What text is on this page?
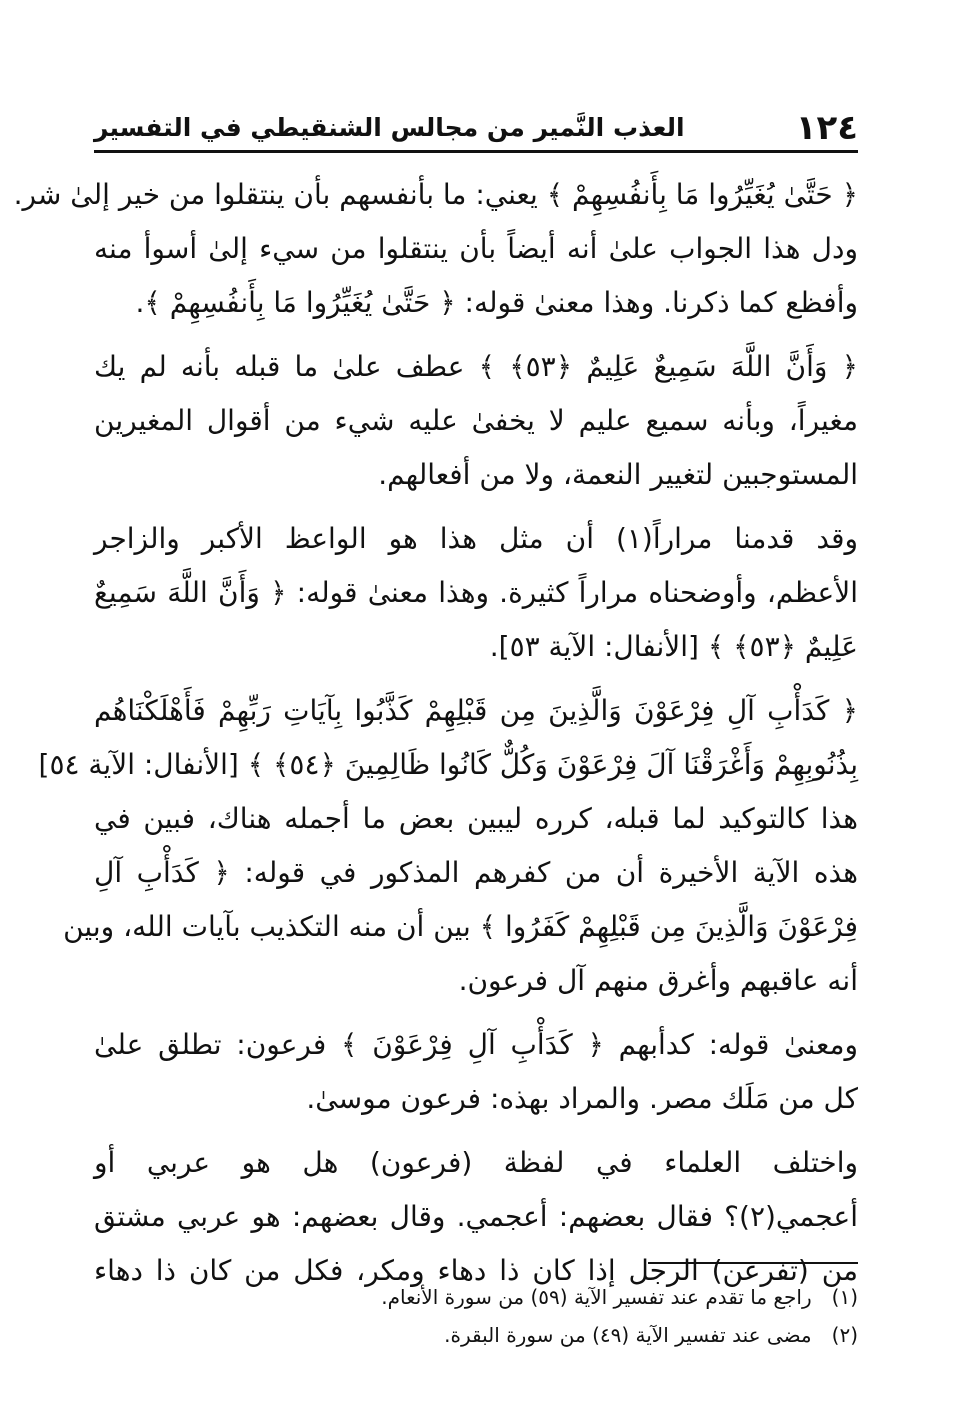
١٢٤
العذب النَّمير من مجالس الشنقيطي في التفسير
﴿ حَتَّىٰ يُغَيِّرُوا مَا بِأَنفُسِهِمْ ﴾ يعني: ما بأنفسهم بأن ينتقلوا من خير إلىٰ شر.
ودل هذا الجواب علىٰ أنه أيضاً بأن ينتقلوا من سيء إلىٰ أسوأ منه
وأفظع كما ذكرنا. وهذا معنىٰ قوله: ﴿ حَتَّىٰ يُغَيِّرُوا مَا بِأَنفُسِهِمْ ﴾.
﴿ وَأَنَّ اللَّهَ سَمِيعٌ عَلِيمٌ ﴿٥٣﴾ ﴾ عطف علىٰ ما قبله بأنه لم يك
مغيراً، وبأنه سميع عليم لا يخفىٰ عليه شيء من أقوال المغيرين
المستوجبين لتغيير النعمة، ولا من أفعالهم.
وقد قدمنا مراراً(١) أن مثل هذا هو الواعظ الأكبر والزاجر
الأعظم، وأوضحناه مراراً كثيرة. وهذا معنىٰ قوله: ﴿ وَأَنَّ اللَّهَ سَمِيعٌ
عَلِيمٌ ﴿٥٣﴾ ﴾ [الأنفال: الآية ٥٣].
﴿ كَدَأْبِ آلِ فِرْعَوْنَ وَالَّذِينَ مِن قَبْلِهِمْ كَذَّبُوا بِآيَاتِ رَبِّهِمْ فَأَهْلَكْنَاهُم
بِذُنُوبِهِمْ وَأَغْرَقْنَا آلَ فِرْعَوْنَ وَكُلٌّ كَانُوا ظَالِمِينَ ﴿٥٤﴾ ﴾ [الأنفال: الآية ٥٤]
هذا كالتوكيد لما قبله، كرره ليبين بعض ما أجمله هناك، فبين في
هذه الآية الأخيرة أن من كفرهم المذكور في قوله: ﴿ كَدَأْبِ آلِ
فِرْعَوْنَ وَالَّذِينَ مِن قَبْلِهِمْ كَفَرُوا ﴾ بين أن منه التكذيب بآيات الله، وبين
أنه عاقبهم وأغرق منهم آل فرعون.
ومعنىٰ قوله: كدأبهم ﴿ كَدَأْبِ آلِ فِرْعَوْنَ ﴾ فرعون: تطلق علىٰ
كل من مَلَك مصر. والمراد بهذه: فرعون موسىٰ.
واختلف العلماء في لفظة (فرعون) هل هو عربي أو
أعجمي(٢)؟ فقال بعضهم: أعجمي. وقال بعضهم: هو عربي مشتق
من (تفرعن) الرجل إذا كان ذا دهاء ومكر، فكل من كان ذا دهاء
(١) راجع ما تقدم عند تفسير الآية (٥٩) من سورة الأنعام.
(٢) مضى عند تفسير الآية (٤٩) من سورة البقرة.
